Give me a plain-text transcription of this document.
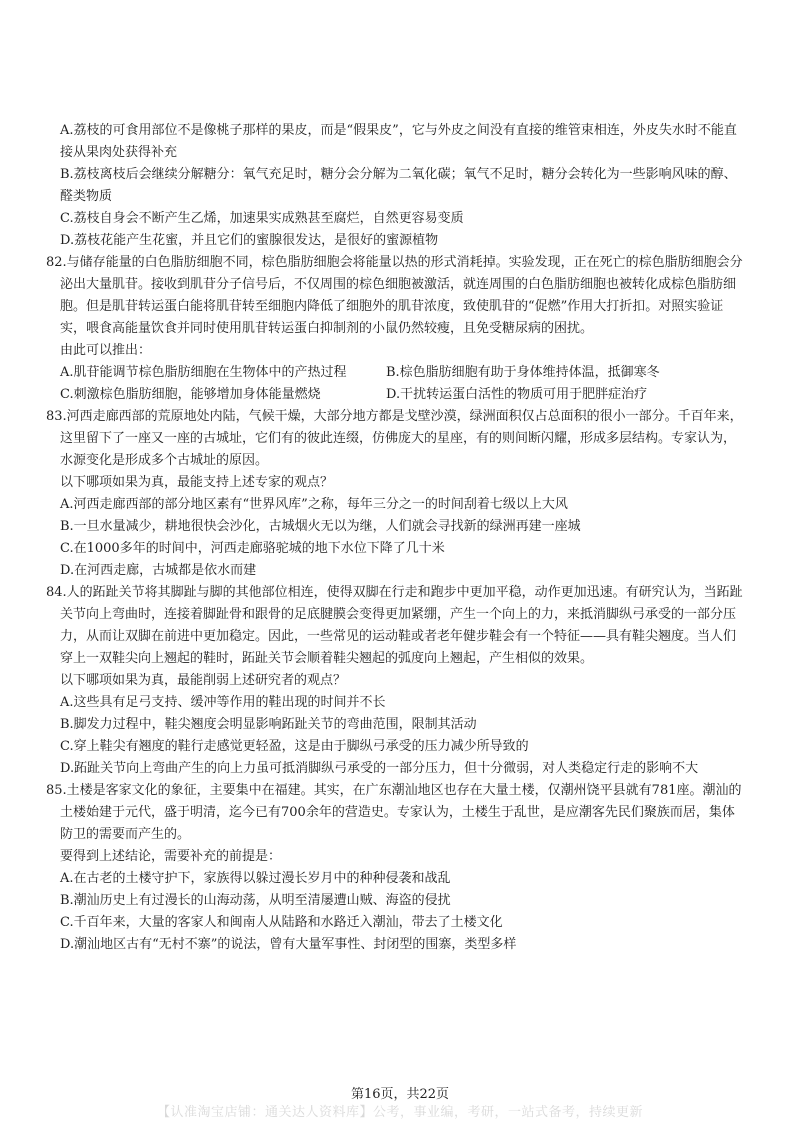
A.荔枝的可食用部位不是像桃子那样的果皮，而是“假果皮”，它与外皮之间没有直接的维管束相连，外皮失水时不能直接从果肉处获得补充

B.荔枝离枝后会继续分解糖分：氧气充足时，糖分会分解为二氧化碳；氧气不足时，糖分会转化为一些影响风味的醇、醛类物质

C.荔枝自身会不断产生乙烯，加速果实成熟甚至腐烂，自然更容易变质

D.荔枝花能产生花蜜，并且它们的蜜腺很发达，是很好的蜜源植物

82.与储存能量的白色脂肪细胞不同，棕色脂肪细胞会将能量以热的形式消耗掉。实验发现，正在死亡的棕色脂肪细胞会分泌出大量肌苷。接收到肌苷分子信号后，不仅周围的棕色细胞被激活，就连周围的白色脂肪细胞也被转化成棕色脂肪细胞。但是肌苷转运蛋白能将肌苷转至细胞内降低了细胞外的肌苷浓度，致使肌苷的“促燃”作用大打折扣。对照实验证实，喂食高能量饮食并同时使用肌苷转运蛋白抑制剂的小鼠仍然较瘦，且免受糖尿病的困扰。

由此可以推出：

A.肌苷能调节棕色脂肪细胞在生物体中的产热过程	B.棕色脂肪细胞有助于身体维持体温，抵御寒冬

C.刺激棕色脂肪细胞，能够增加身体能量燃烧	D.干扰转运蛋白活性的物质可用于肥胖症治疗

83.河西走廊西部的荒原地处内陆，气候干燥，大部分地方都是戈壁沙漠，绿洲面积仅占总面积的很小一部分。千百年来，这里留下了一座又一座的古城址，它们有的彼此连缀，仿佛庞大的星座，有的则间断闪耀，形成多层结构。专家认为，水源变化是形成多个古城址的原因。

以下哪项如果为真，最能支持上述专家的观点？

A.河西走廊西部的部分地区素有“世界风库”之称，每年三分之一的时间刮着七级以上大风

B.一旦水量减少，耕地很快会沙化，古城烟火无以为继，人们就会寻找新的绿洲再建一座城

C.在1000多年的时间中，河西走廊骆驼城的地下水位下降了几十米

D.在河西走廊，古城都是依水而建

84.人的跖趾关节将其脚趾与脚的其他部位相连，使得双脚在行走和跑步中更加平稳，动作更加迅速。有研究认为，当跖趾关节向上弯曲时，连接着脚趾骨和跟骨的足底腱膜会变得更加紧绷，产生一个向上的力，来抵消脚纵弓承受的一部分压力，从而让双脚在前进中更加稳定。因此，一些常见的运动鞋或者老年健步鞋会有一个特征——具有鞋尖翘度。当人们穿上一双鞋尖向上翘起的鞋时，跖趾关节会顺着鞋尖翘起的弧度向上翘起，产生相似的效果。

以下哪项如果为真，最能削弱上述研究者的观点？

A.这些具有足弓支持、缓冲等作用的鞋出现的时间并不长

B.脚发力过程中，鞋尖翘度会明显影响跖趾关节的弯曲范围，限制其活动

C.穿上鞋尖有翘度的鞋行走感觉更轻盈，这是由于脚纵弓承受的压力减少所导致的

D.跖趾关节向上弯曲产生的向上力虽可抵消脚纵弓承受的一部分压力，但十分微弱，对人类稳定行走的影响不大

85.土楼是客家文化的象征，主要集中在福建。其实，在广东潮汕地区也存在大量土楼，仅潮州饶平县就有781座。潮汕的土楼始建于元代，盛于明清，迄今已有700余年的营造史。专家认为，土楼生于乱世，是应潮客先民们聚族而居，集体防卫的需要而产生的。

要得到上述结论，需要补充的前提是：

A.在古老的土楼守护下，家族得以躲过漫长岁月中的种种侵袭和战乱

B.潮汕历史上有过漫长的山海动荡，从明至清屡遭山贼、海盗的侵扰

C.千百年来，大量的客家人和闽南人从陆路和水路迁入潮汕，带去了土楼文化

D.潮汕地区古有“无村不寨”的说法，曾有大量军事性、封闭型的围寨，类型多样

第16页，共22页
【认准淘宝店铺：通关达人资料库】公考，事业编，考研，一站式备考，持续更新
